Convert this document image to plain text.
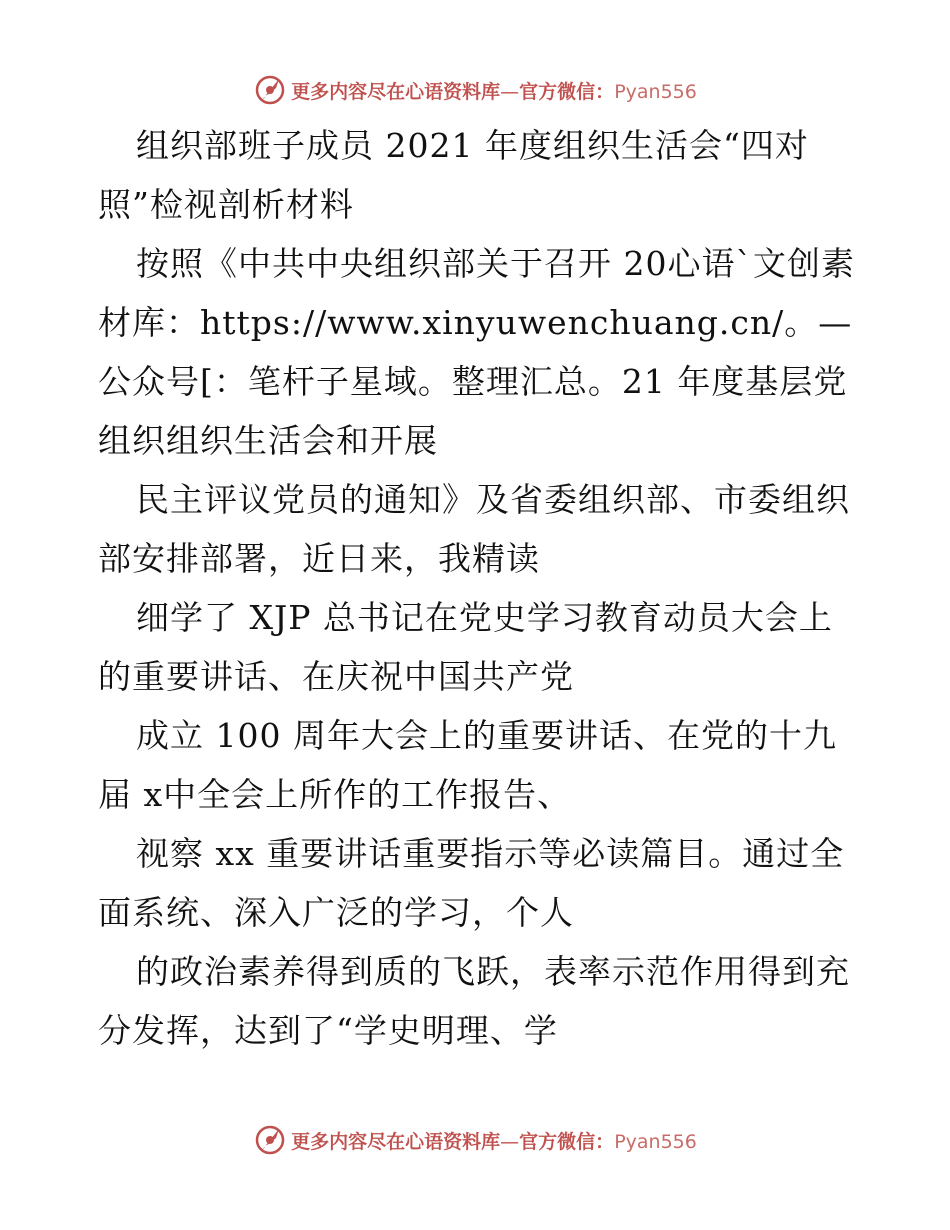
更多内容尽在心语资料库—官方微信：Pyan556

组织部班子成员 2021 年度组织生活会“四对照”检视剖析材料

按照《中共中央组织部关于召开 20心语`文创素材库：https://www.xinyuwenchuang.cn/。—公众号[：笔杆子星域。整理汇总。21 年度基层党组织组织生活会和开展

民主评议党员的通知》及省委组织部、市委组织部安排部署，近日来，我精读

细学了 XJP 总书记在党史学习教育动员大会上的重要讲话、在庆祝中国共产党

成立 100 周年大会上的重要讲话、在党的十九届 x中全会上所作的工作报告、

视察 xx 重要讲话重要指示等必读篇目。通过全面系统、深入广泛的学习，个人

的政治素养得到质的飞跃，表率示范作用得到充分发挥，达到了“学史明理、学

更多内容尽在心语资料库—官方微信：Pyan556
